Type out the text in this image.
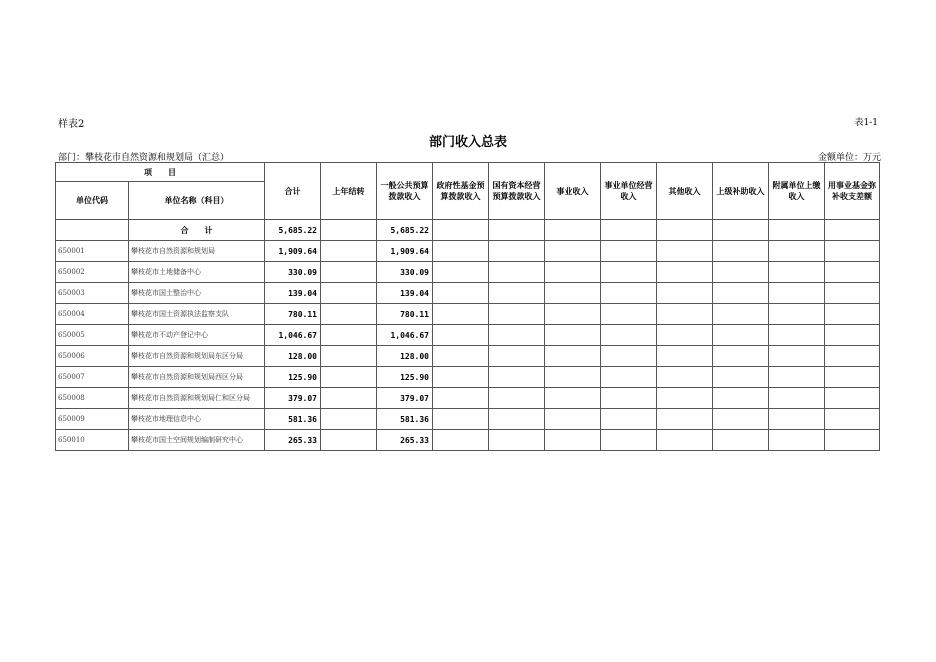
样表2	表1-1
部门收入总表
部门：攀枝花市自然资源和规划局（汇总）	金额单位：万元
项　　目		合计	上年结转	一般公共预算拨款收入	政府性基金预算拨款收入	国有资本经营预算拨款收入	事业收入	事业单位经营收入	其他收入	上级补助收入	附属单位上缴收入	用事业基金弥补收支差额
单位代码	单位名称（科目）											
	合　　计	5,685.22		5,685.22								
650001	攀枝花市自然资源和规划局	1,909.64		1,909.64								
650002	攀枝花市土地储备中心	330.09		330.09								
650003	攀枝花市国土整治中心	139.04		139.04								
650004	攀枝花市国土资源执法监察支队	780.11		780.11								
650005	攀枝花市不动产登记中心	1,046.67		1,046.67								
650006	攀枝花市自然资源和规划局东区分局	128.00		128.00								
650007	攀枝花市自然资源和规划局西区分局	125.90		125.90								
650008	攀枝花市自然资源和规划局仁和区分局	379.07		379.07								
650009	攀枝花市地理信息中心	581.36		581.36								
650010	攀枝花市国土空间规划编制研究中心	265.33		265.33								
